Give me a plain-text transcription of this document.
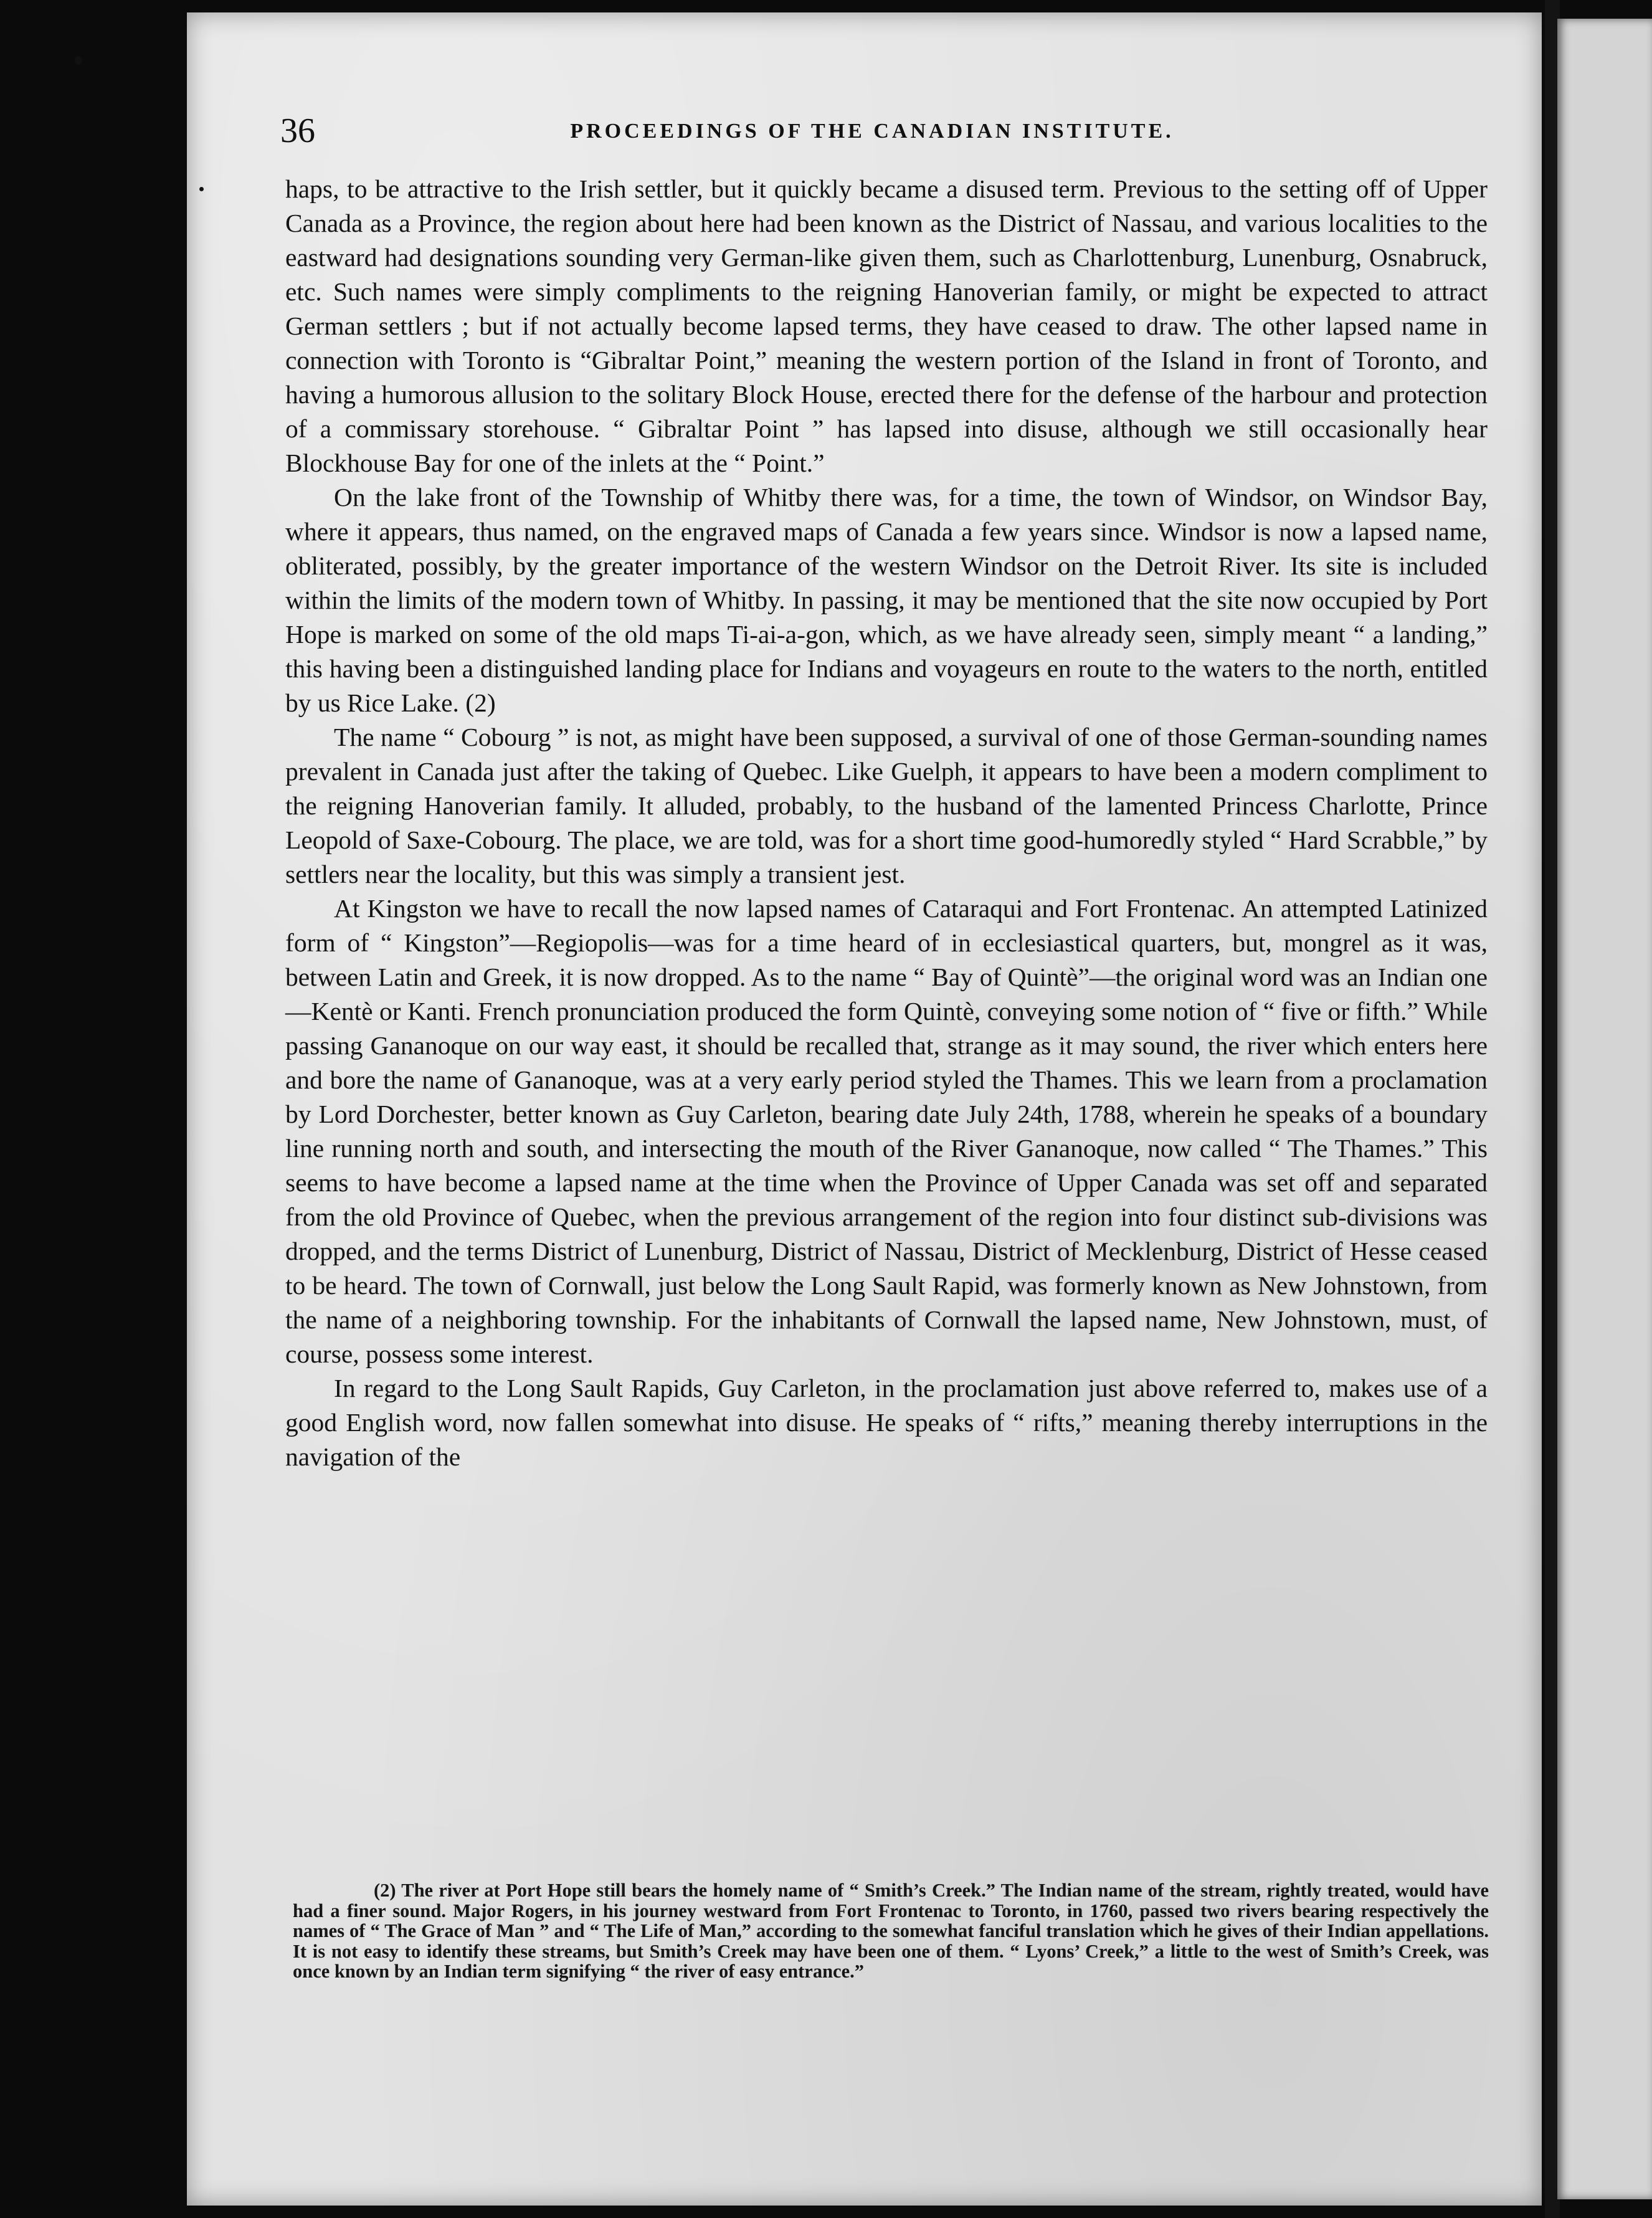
36	PROCEEDINGS OF THE CANADIAN INSTITUTE.

haps, to be attractive to the Irish settler, but it quickly became a disused term. Previous to the setting off of Upper Canada as a Province, the region about here had been known as the District of Nassau, and various localities to the eastward had designations sounding very German-like given them, such as Charlottenburg, Lunenburg, Osnabruck, etc. Such names were simply compliments to the reigning Hanoverian family, or might be expected to attract German settlers ; but if not actually become lapsed terms, they have ceased to draw. The other lapsed name in connection with Toronto is “Gibraltar Point,” meaning the western portion of the Island in front of Toronto, and having a humorous allusion to the solitary Block House, erected there for the defense of the harbour and protection of a commissary storehouse. “ Gibraltar Point ” has lapsed into disuse, although we still occasionally hear Blockhouse Bay for one of the inlets at the “ Point.”

On the lake front of the Township of Whitby there was, for a time, the town of Windsor, on Windsor Bay, where it appears, thus named, on the engraved maps of Canada a few years since. Windsor is now a lapsed name, obliterated, possibly, by the greater importance of the western Windsor on the Detroit River. Its site is included within the limits of the modern town of Whitby. In passing, it may be mentioned that the site now occupied by Port Hope is marked on some of the old maps Ti-ai-a-gon, which, as we have already seen, simply meant “ a landing,” this having been a distinguished landing place for Indians and voyageurs en route to the waters to the north, entitled by us Rice Lake. (2)

The name “ Cobourg ” is not, as might have been supposed, a survival of one of those German-sounding names prevalent in Canada just after the taking of Quebec. Like Guelph, it appears to have been a modern compliment to the reigning Hanoverian family. It alluded, probably, to the husband of the lamented Princess Charlotte, Prince Leopold of Saxe-Cobourg. The place, we are told, was for a short time good-humoredly styled “ Hard Scrabble,” by settlers near the locality, but this was simply a transient jest.

At Kingston we have to recall the now lapsed names of Cataraqui and Fort Frontenac. An attempted Latinized form of “ Kingston”—Regiopolis—was for a time heard of in ecclesiastical quarters, but, mongrel as it was, between Latin and Greek, it is now dropped. As to the name “ Bay of Quintè”—the original word was an Indian one—Kentè or Kanti. French pronunciation produced the form Quintè, conveying some notion of “ five or fifth.” While passing Gananoque on our way east, it should be recalled that, strange as it may sound, the river which enters here and bore the name of Gananoque, was at a very early period styled the Thames. This we learn from a proclamation by Lord Dorchester, better known as Guy Carleton, bearing date July 24th, 1788, wherein he speaks of a boundary line running north and south, and intersecting the mouth of the River Gananoque, now called “ The Thames.” This seems to have become a lapsed name at the time when the Province of Upper Canada was set off and separated from the old Province of Quebec, when the previous arrangement of the region into four distinct sub-divisions was dropped, and the terms District of Lunenburg, District of Nassau, District of Mecklenburg, District of Hesse ceased to be heard. The town of Cornwall, just below the Long Sault Rapid, was formerly known as New Johnstown, from the name of a neighboring township. For the inhabitants of Cornwall the lapsed name, New Johnstown, must, of course, possess some interest.

In regard to the Long Sault Rapids, Guy Carleton, in the proclamation just above referred to, makes use of a good English word, now fallen somewhat into disuse. He speaks of “ rifts,” meaning thereby interruptions in the navigation of the

(2) The river at Port Hope still bears the homely name of “ Smith’s Creek.” The Indian name of the stream, rightly treated, would have had a finer sound. Major Rogers, in his journey westward from Fort Frontenac to Toronto, in 1760, passed two rivers bearing respectively the names of “ The Grace of Man ” and “ The Life of Man,” according to the somewhat fanciful translation which he gives of their Indian appellations. It is not easy to identify these streams, but Smith’s Creek may have been one of them. “ Lyons’ Creek,” a little to the west of Smith’s Creek, was once known by an Indian term signifying “ the river of easy entrance.”
